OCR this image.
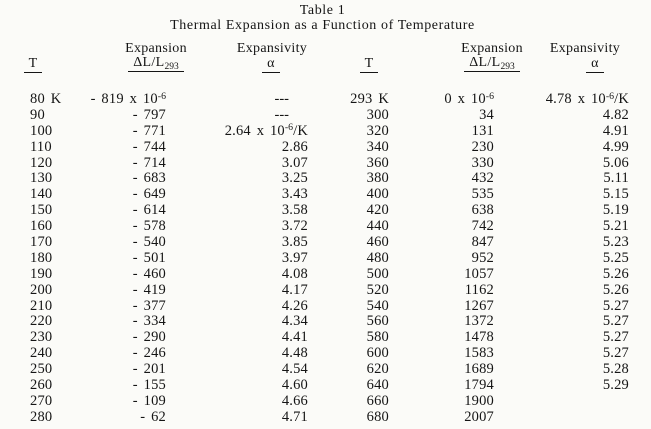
Table 1
Thermal Expansion as a Function of Temperature
Expansion
$\Delta L/L_{293}$
Expansivity
α
T
Expansion
$\Delta L/L_{293}$
Expansivity
α
T
80 K
90
100
110
120
130
140
150
160
170
180
190
200
210
220
230
240
250
260
270
280
- 819 x $10^{-6}$
- 797
- 771
- 744
- 714
- 683
- 649
- 614
- 578
- 540
- 501
- 460
- 419
- 377
- 334
- 290
- 246
- 201
- 155
- 109
- 62
---
---
2.64 x $10^{-6}/K$
2.86
3.07
3.25
3.43
3.58
3.72
3.85
3.97
4.08
4.17
4.26
4.34
4.41
4.48
4.54
4.60
4.66
4.71
293 K
300
320
340
360
380
400
420
440
460
480
500
520
540
560
580
600
620
640
660
680
0 x $10^{-6}$
34
131
230
330
432
535
638
742
847
952
1057
1162
1267
1372
1478
1583
1689
1794
1900
2007
4.78 x $10^{-6}/K$
4.82
4.91
4.99
5.06
5.11
5.15
5.19
5.21
5.23
5.25
5.26
5.26
5.27
5.27
5.27
5.27
5.28
5.29
